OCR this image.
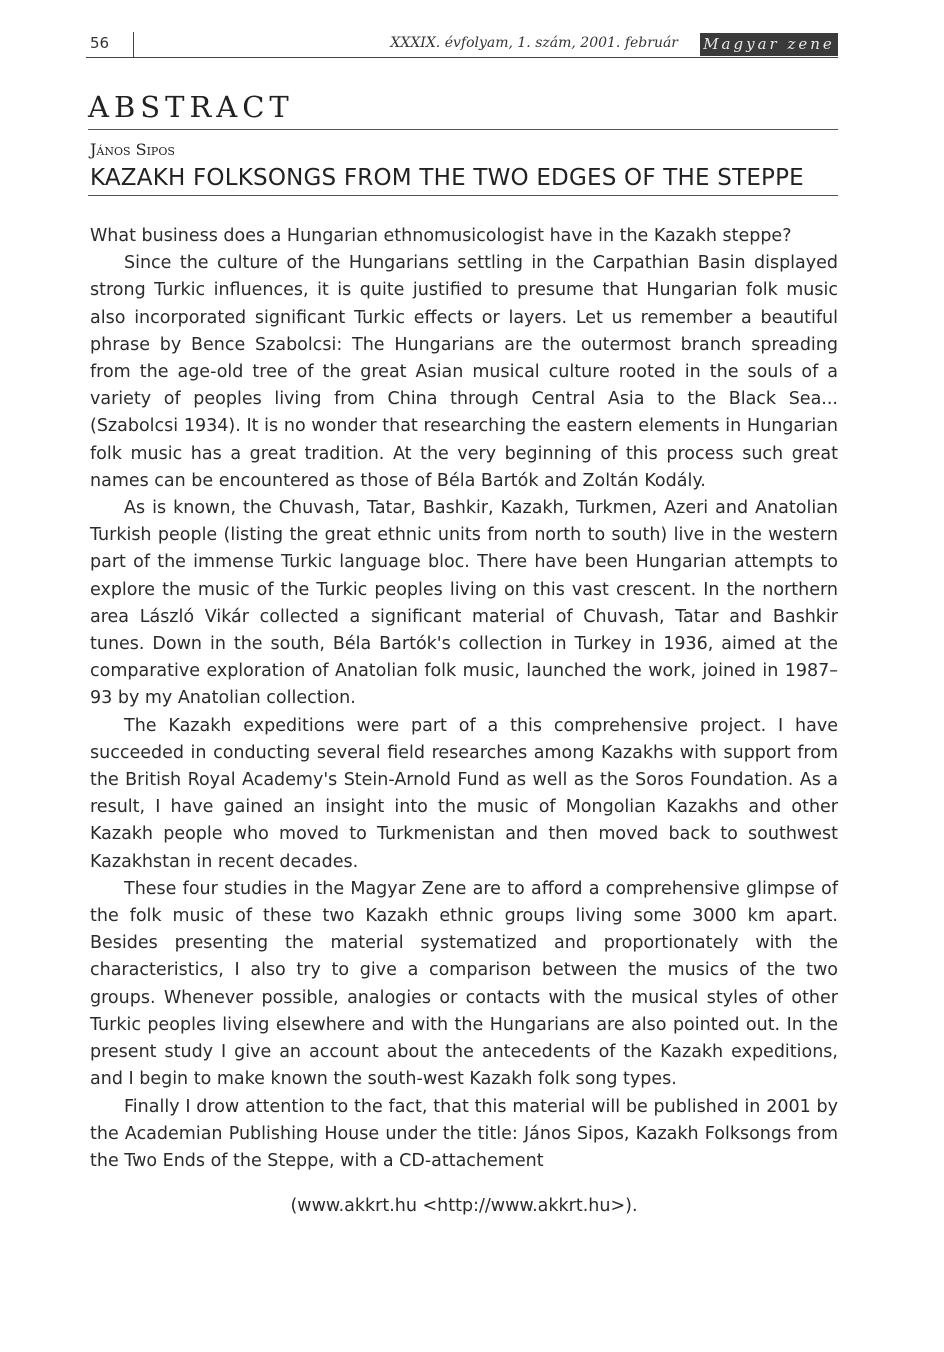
56	XXXIX. évfolyam, 1. szám, 2001. február Magyar zene
ABSTRACT
János Sipos
KAZAKH FOLKSONGS FROM THE TWO EDGES OF THE STEPPE

What business does a Hungarian ethnomusicologist have in the Kazakh steppe?

Since the culture of the Hungarians settling in the Carpathian Basin displayed strong Turkic influences, it is quite justified to presume that Hungarian folk music also incorporated significant Turkic effects or layers. Let us remember a beautiful phrase by Bence Szabolcsi: The Hungarians are the outermost branch spreading from the age-old tree of the great Asian musical culture rooted in the souls of a variety of peoples living from China through Central Asia to the Black Sea... (Szabolcsi 1934). It is no wonder that researching the eastern elements in Hungarian folk music has a great tradition. At the very beginning of this process such great names can be encountered as those of Béla Bartók and Zoltán Kodály.

As is known, the Chuvash, Tatar, Bashkir, Kazakh, Turkmen, Azeri and Anatolian Turkish people (listing the great ethnic units from north to south) live in the western part of the immense Turkic language bloc. There have been Hungarian attempts to explore the music of the Turkic peoples living on this vast crescent. In the northern area László Vikár collected a significant material of Chuvash, Tatar and Bashkir tunes. Down in the south, Béla Bartók's collection in Turkey in 1936, aimed at the comparative exploration of Anatolian folk music, launched the work, joined in 1987–93 by my Anatolian collection.

The Kazakh expeditions were part of a this comprehensive project. I have succeeded in conducting several field researches among Kazakhs with support from the British Royal Academy's Stein-Arnold Fund as well as the Soros Foundation. As a result, I have gained an insight into the music of Mongolian Kazakhs and other Kazakh people who moved to Turkmenistan and then moved back to southwest Kazakhstan in recent decades.

These four studies in the Magyar Zene are to afford a comprehensive glimpse of the folk music of these two Kazakh ethnic groups living some 3000 km apart. Besides presenting the material systematized and proportionately with the characteristics, I also try to give a comparison between the musics of the two groups. Whenever possible, analogies or contacts with the musical styles of other Turkic peoples living elsewhere and with the Hungarians are also pointed out. In the present study I give an account about the antecedents of the Kazakh expeditions, and I begin to make known the south-west Kazakh folk song types.

Finally I drow attention to the fact, that this material will be published in 2001 by the Academian Publishing House under the title: János Sipos, Kazakh Folksongs from the Two Ends of the Steppe, with a CD-attachement

(www.akkrt.hu <http://www.akkrt.hu>).
